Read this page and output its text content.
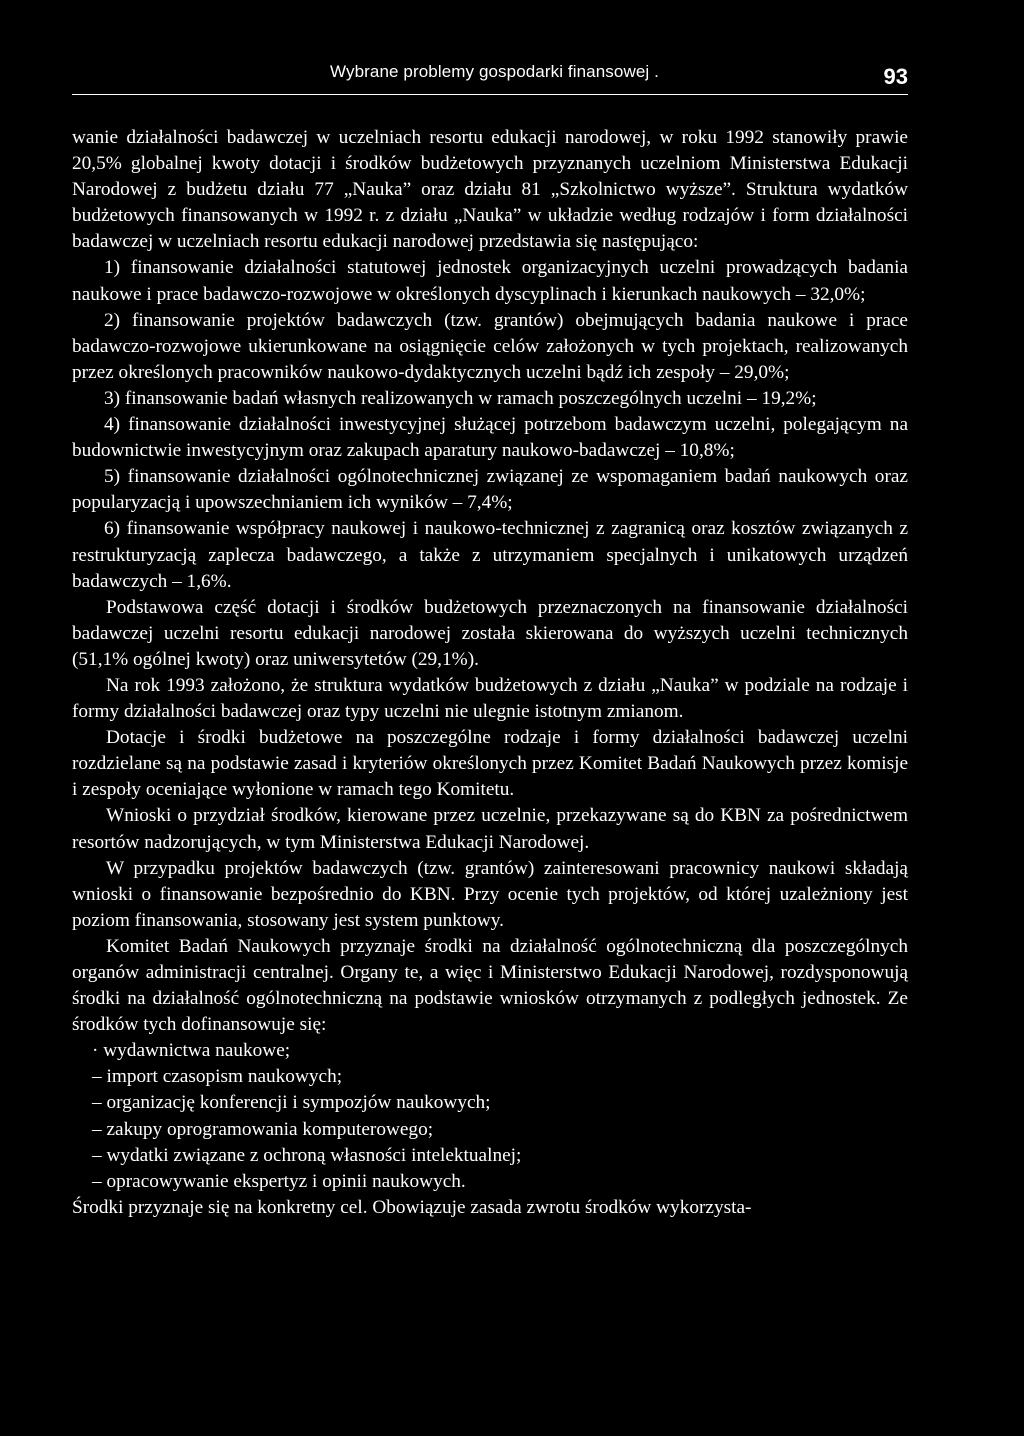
Wybrane problemy gospodarki finansowej .	93

wanie działalności badawczej w uczelniach resortu edukacji narodowej, w roku 1992 stanowiły prawie 20,5% globalnej kwoty dotacji i środków budżetowych przyznanych uczelniom Ministerstwa Edukacji Narodowej z budżetu działu 77 „Nauka” oraz działu 81 „Szkolnictwo wyższe”. Struktura wydatków budżetowych finansowanych w 1992 r. z działu „Nauka” w układzie według rodzajów i form działalności badawczej w uczelniach resortu edukacji narodowej przedstawia się następująco:

1) finansowanie działalności statutowej jednostek organizacyjnych uczelni prowadzących badania naukowe i prace badawczo-rozwojowe w określonych dyscyplinach i kierunkach naukowych – 32,0%;

2) finansowanie projektów badawczych (tzw. grantów) obejmujących badania naukowe i prace badawczo-rozwojowe ukierunkowane na osiągnięcie celów założonych w tych projektach, realizowanych przez określonych pracowników naukowo-dydaktycznych uczelni bądź ich zespoły – 29,0%;

3) finansowanie badań własnych realizowanych w ramach poszczególnych uczelni – 19,2%;

4) finansowanie działalności inwestycyjnej służącej potrzebom badawczym uczelni, polegającym na budownictwie inwestycyjnym oraz zakupach aparatury naukowo-badawczej – 10,8%;

5) finansowanie działalności ogólnotechnicznej związanej ze wspomaganiem badań naukowych oraz popularyzacją i upowszechnianiem ich wyników – 7,4%;

6) finansowanie współpracy naukowej i naukowo-technicznej z zagranicą oraz kosztów związanych z restrukturyzacją zaplecza badawczego, a także z utrzymaniem specjalnych i unikatowych urządzeń badawczych – 1,6%.

Podstawowa część dotacji i środków budżetowych przeznaczonych na finansowanie działalności badawczej uczelni resortu edukacji narodowej została skierowana do wyższych uczelni technicznych (51,1% ogólnej kwoty) oraz uniwersytetów (29,1%).

Na rok 1993 założono, że struktura wydatków budżetowych z działu „Nauka” w podziale na rodzaje i formy działalności badawczej oraz typy uczelni nie ulegnie istotnym zmianom.

Dotacje i środki budżetowe na poszczególne rodzaje i formy działalności badawczej uczelni rozdzielane są na podstawie zasad i kryteriów określonych przez Komitet Badań Naukowych przez komisje i zespoły oceniające wyłonione w ramach tego Komitetu.

Wnioski o przydział środków, kierowane przez uczelnie, przekazywane są do KBN za pośrednictwem resortów nadzorujących, w tym Ministerstwa Edukacji Narodowej.

W przypadku projektów badawczych (tzw. grantów) zainteresowani pracownicy naukowi składają wnioski o finansowanie bezpośrednio do KBN. Przy ocenie tych projektów, od której uzależniony jest poziom finansowania, stosowany jest system punktowy.

Komitet Badań Naukowych przyznaje środki na działalność ogólnotechniczną dla poszczególnych organów administracji centralnej. Organy te, a więc i Ministerstwo Edukacji Narodowej, rozdysponowują środki na działalność ogólnotechniczną na podstawie wniosków otrzymanych z podległych jednostek. Ze środków tych dofinansowuje się:

· wydawnictwa naukowe;

– import czasopism naukowych;

– organizację konferencji i sympozjów naukowych;

– zakupy oprogramowania komputerowego;

– wydatki związane z ochroną własności intelektualnej;

– opracowywanie ekspertyz i opinii naukowych.

Środki przyznaje się na konkretny cel. Obowiązuje zasada zwrotu środków wykorzysta-
